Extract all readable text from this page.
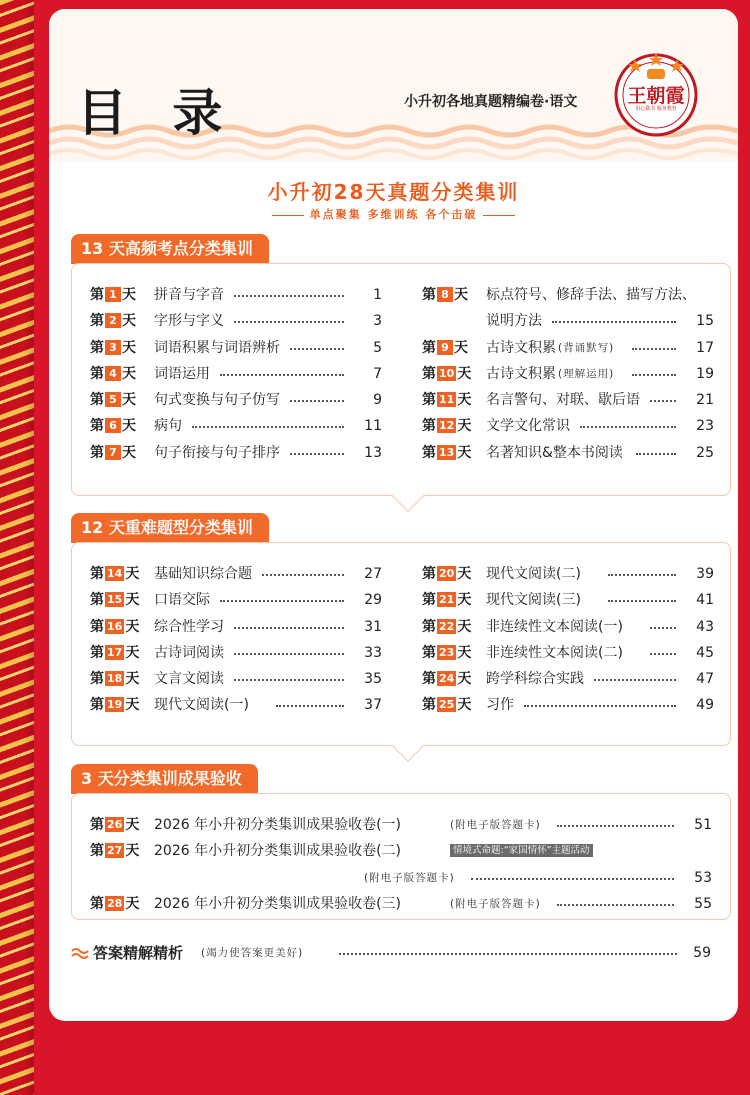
目 录	小升初各地真题精编卷·语文	王朝霞
用心做书 服务教育
小升初28天真题分类集训
单点聚集 多维训练 各个击破
13 天高频考点分类集训
第 1 天 拼音与字音	1
第 2 天 字形与字义	3
第 3 天 词语积累与词语辨析	5
第 4 天 词语运用	7
第 5 天 句式变换与句子仿写	9
第 6 天 病句	11
第 7 天 句子衔接与句子排序	13
第 8 天 标点符号、修辞手法、描写方法、
说明方法	15
第 9 天 古诗文积累 (背诵默写)	17
第 10 天 古诗文积累 (理解运用)	19
第 11 天 名言警句、对联、歇后语	21
第 12 天 文学文化常识	23
第 13 天 名著知识&整本书阅读	25
12 天重难题型分类集训
第 14 天 基础知识综合题	27
第 15 天 口语交际	29
第 16 天 综合性学习	31
第 17 天 古诗词阅读	33
第 18 天 文言文阅读	35
第 19 天 现代文阅读(一)	37
第 20 天 现代文阅读(二)	39
第 21 天 现代文阅读(三)	41
第 22 天 非连续性文本阅读(一)	43
第 23 天 非连续性文本阅读(二)	45
第 24 天 跨学科综合实践	47
第 25 天 习作	49
3 天分类集训成果验收
第 26 天 2026 年小升初分类集训成果验收卷(一)	(附电子版答题卡)	51
第 27 天 2026 年小升初分类集训成果验收卷(二)	情境式命题:“家国情怀”主题活动
(附电子版答题卡)	53
第 28 天 2026 年小升初分类集训成果验收卷(三)	(附电子版答题卡)	55
答案精解精析 (竭力使答案更美好)	59
